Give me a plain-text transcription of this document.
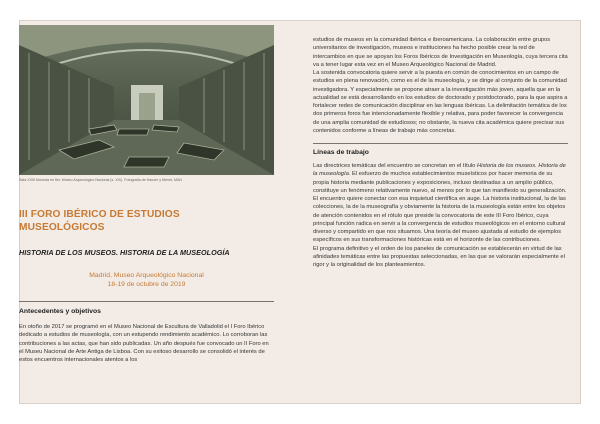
Sala XXIII Moneda en fier. Museo Arqueológico Nacional (s. XIX). Fotografía de Hauser y Menet, MAN
III FORO IBÉRICO DE ESTUDIOS
MUSEOLÓGICOS
HISTORIA DE LOS MUSEOS. HISTORIA DE LA MUSEOLOGÍA
Madrid, Museo Arqueológico Nacional
18-19 de octubre de 2019
Antecedentes y objetivos

En otoño de 2017 se programó en el Museo Nacional de Escultura de Valladolid el I Foro Ibérico dedicado a estudios de museología, con un estupendo rendimiento académico. Lo corroboran las contribuciones a las actas, que han sido publicadas. Un año después fue convocado un II Foro en el Museu Nacional de Arte Antiga de Lisboa. Con su exitoso desarrollo se consolidó el interés de estos encuentros internacionales atentos a los

estudios de museos en la comunidad ibérica e iberoamericana. La colaboración entre grupos universitarios de investigación, museos e instituciones ha hecho posible crear la red de intercambios en que se apoyan los Foros Ibéricos de Investigación en Museología, cuya tercera cita va a tener lugar esta vez en el Museo Arqueológico Nacional de Madrid.

La sostenida convocatoria quiere servir a la puesta en común de conocimientos en un campo de estudios en plena renovación, como es el de la museología, y se dirige al conjunto de la comunidad investigadora. Y especialmente se propone atraer a la investigación más joven, aquella que en la actualidad se está desarrollando en los estudios de doctorado y postdoctorado, para la que aspira a fortalecer redes de comunicación disciplinar en las lenguas ibéricas. La delimitación temática de los dos primeros foros fue intencionadamente flexible y relativa, para poder favorecer la convergencia de una amplia comunidad de estudiosos; no obstante, la nueva cita académica quiere precisar sus contenidos conforme a líneas de trabajo más concretas.

Líneas de trabajo

Las directrices temáticas del encuentro se concretan en el título Historia de los museos. Historia de la museología. El esfuerzo de muchos establecimientos museísticos por hacer memoria de su propia historia mediante publicaciones y exposiciones, incluso destinadas a un amplio público, constituye un fenómeno relativamente nuevo, al menos por lo que tan manifiesto su generalización. El encuentro quiere conectar con esa inquietud científica en auge. La historia institucional, la de las colecciones, la de la museografía y obviamente la historia de la museología están entre los objetos de atención contenidos en el rótulo que preside la convocatoria de este III Foro Ibérico, cuya principal función radica en servir a la convergencia de estudios museológicos en el entorno cultural diverso y compartido en que nos situamos. Una teoría del museo ajustada al estudio de ejemplos específicos en sus transformaciones históricas está en el horizonte de las contribuciones.

El programa definitivo y el orden de los paneles de comunicación se establecerán en virtud de las afinidades temáticas entre las propuestas seleccionadas, en las que se valorarán especialmente el rigor y la originalidad de los planteamientos.
